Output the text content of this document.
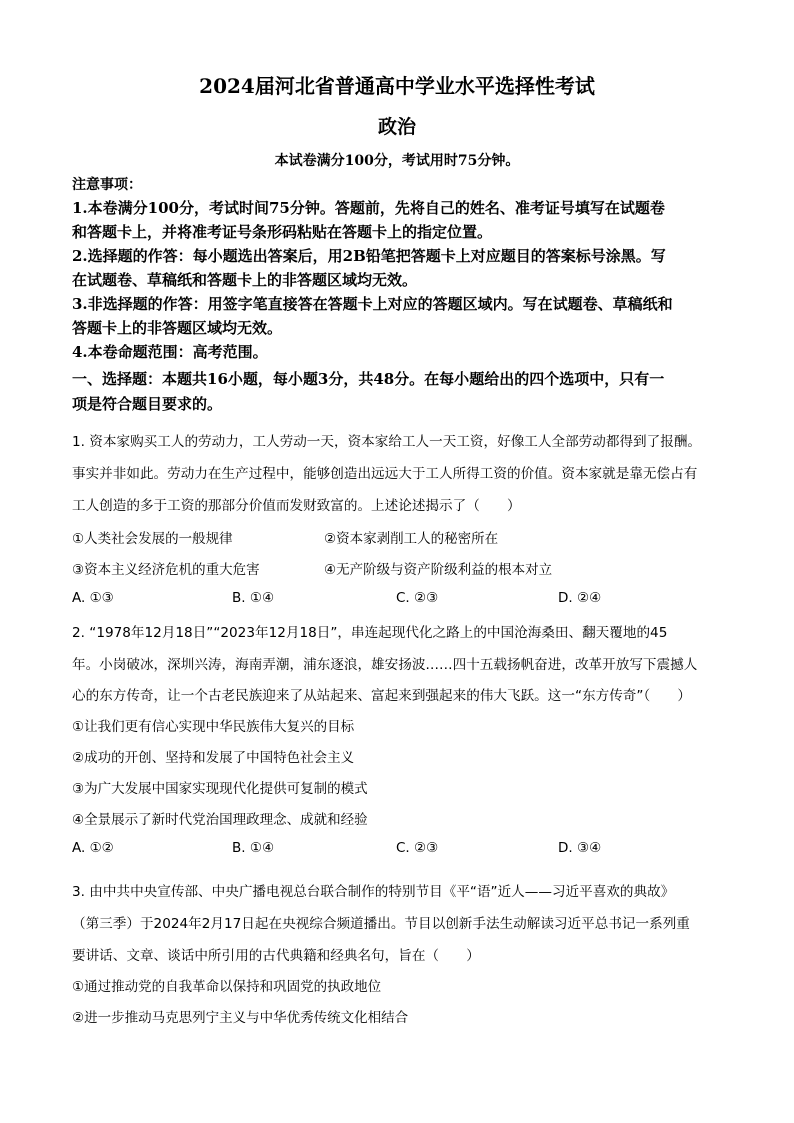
2024届河北省普通高中学业水平选择性考试
政治
本试卷满分100分，考试用时75分钟。
注意事项：
1.本卷满分100分，考试时间75分钟。答题前，先将自己的姓名、准考证号填写在试题卷
和答题卡上，并将准考证号条形码粘贴在答题卡上的指定位置。
2.选择题的作答：每小题选出答案后，用2B铅笔把答题卡上对应题目的答案标号涂黑。写
在试题卷、草稿纸和答题卡上的非答题区域均无效。
3.非选择题的作答：用签字笔直接答在答题卡上对应的答题区域内。写在试题卷、草稿纸和
答题卡上的非答题区域均无效。
4.本卷命题范围：高考范围。
一、选择题：本题共16小题，每小题3分，共48分。在每小题给出的四个选项中，只有一
项是符合题目要求的。
1. 资本家购买工人的劳动力，工人劳动一天，资本家给工人一天工资，好像工人全部劳动都得到了报酬。
事实并非如此。劳动力在生产过程中，能够创造出远远大于工人所得工资的价值。资本家就是靠无偿占有
工人创造的多于工资的那部分价值而发财致富的。上述论述揭示了（　　）
①人类社会发展的一般规律	②资本家剥削工人的秘密所在
③资本主义经济危机的重大危害	④无产阶级与资产阶级利益的根本对立
A. ①③	B. ①④	C. ②③	D. ②④
2. “1978年12月18日”“2023年12月18日”，串连起现代化之路上的中国沧海桑田、翻天覆地的45
年。小岗破冰，深圳兴涛，海南弄潮，浦东逐浪，雄安扬波……四十五载扬帆奋进，改革开放写下震撼人
心的东方传奇，让一个古老民族迎来了从站起来、富起来到强起来的伟大飞跃。这一“东方传奇”（　　）
①让我们更有信心实现中华民族伟大复兴的目标
②成功的开创、坚持和发展了中国特色社会主义
③为广大发展中国家实现现代化提供可复制的模式
④全景展示了新时代党治国理政理念、成就和经验
A. ①②	B. ①④	C. ②③	D. ③④
3. 由中共中央宣传部、中央广播电视总台联合制作的特别节目《平“语”近人——习近平喜欢的典故》
（第三季）于2024年2月17日起在央视综合频道播出。节目以创新手法生动解读习近平总书记一系列重
要讲话、文章、谈话中所引用的古代典籍和经典名句，旨在（　　）
①通过推动党的自我革命以保持和巩固党的执政地位
②进一步推动马克思列宁主义与中华优秀传统文化相结合
